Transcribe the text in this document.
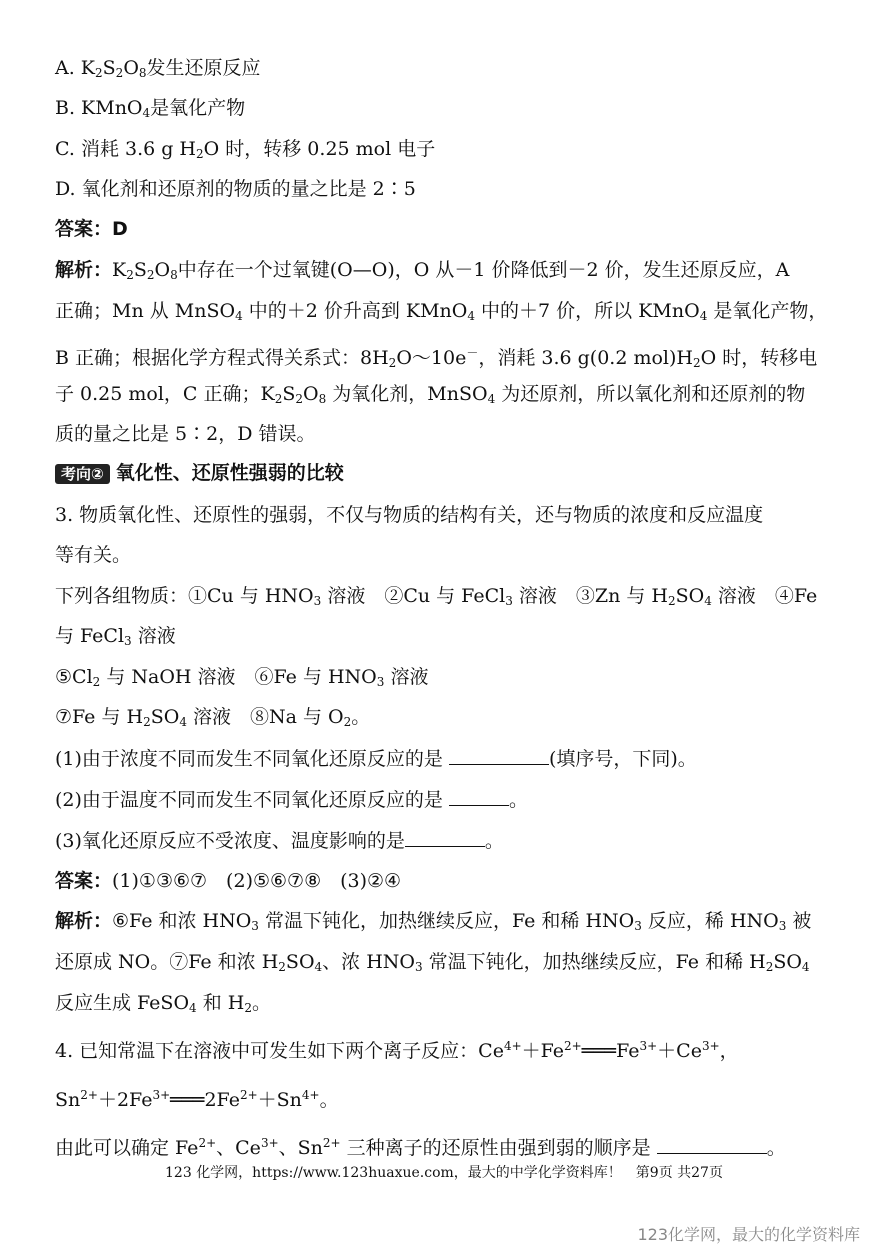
A. $K_2S_2O_8$发生还原反应
B. KMnO$_4$是氧化产物
C. 消耗 3.6 g $H_2O$ 时，转移 0.25 mol 电子
D. 氧化剂和还原剂的物质的量之比是 2∶5
答案：D
解析：$K_2S_2O_8$中存在一个过氧键(O—O)，O 从－1 价降低到－2 价，发生还原反应，A
正确；Mn 从 MnSO$_4$ 中的＋2 价升高到 KMnO$_4$ 中的＋7 价，所以 KMnO$_4$ 是氧化产物，
B 正确；根据化学方程式得关系式：$8H_2O\sim 10e^-$，消耗 3.6 g(0.2 $mol)H_2O$ 时，转移电
子 0.25 mol，C 正确；$K_2S_2O_8$ 为氧化剂，MnSO$_4$ 为还原剂，所以氧化剂和还原剂的物
质的量之比是 5∶2，D 错误。
考向② 氧化性、还原性强弱的比较
3. 物质氧化性、还原性的强弱，不仅与物质的结构有关，还与物质的浓度和反应温度
等有关。
下列各组物质：①Cu 与 $HNO_3$ 溶液　②Cu 与 FeCl$_3$ 溶液　③Zn 与 $H_2SO_4$ 溶液　④Fe
与 FeCl$_3$ 溶液
$⑤Cl_2$ 与 NaOH 溶液　⑥Fe 与 $HNO_3$ 溶液
⑦Fe 与 $H_2SO_4$ 溶液　⑧Na 与 $O_2$。
(1)由于浓度不同而发生不同氧化还原反应的是	(填序号，下同)。
(2)由于温度不同而发生不同氧化还原反应的是	。
(3)氧化还原反应不受浓度、温度影响的是	。
答案：(1)①③⑥⑦　(2)⑤⑥⑦⑧　(3)②④
解析：⑥Fe 和浓 $HNO_3$ 常温下钝化，加热继续反应，Fe 和稀 $HNO_3$ 反应，稀 $HNO_3$ 被
还原成 NO。⑦Fe 和浓 $H_2SO_4$、浓 $HNO_3$ 常温下钝化，加热继续反应，Fe 和稀 $H_2SO_4$
反应生成 FeSO$_4$ 和 $H_2$。
4. 已知常温下在溶液中可发生如下两个离子反应：$Ce^{4+}+Fe^{2+}═══Fe^{3+}+Ce^{3+}$，
$Sn^{2+}+2Fe^{3+}═══2Fe^{2+}+Sn^{4+}$。
由此可以确定 $Fe^{2+}$、$Ce^{3+}$、$Sn^{2+}$ 三种离子的还原性由强到弱的顺序是	。
123 化学网，https://www.123huaxue.com，最大的中学化学资料库！　第9页 共27页
123化学网，最大的化学资料库
